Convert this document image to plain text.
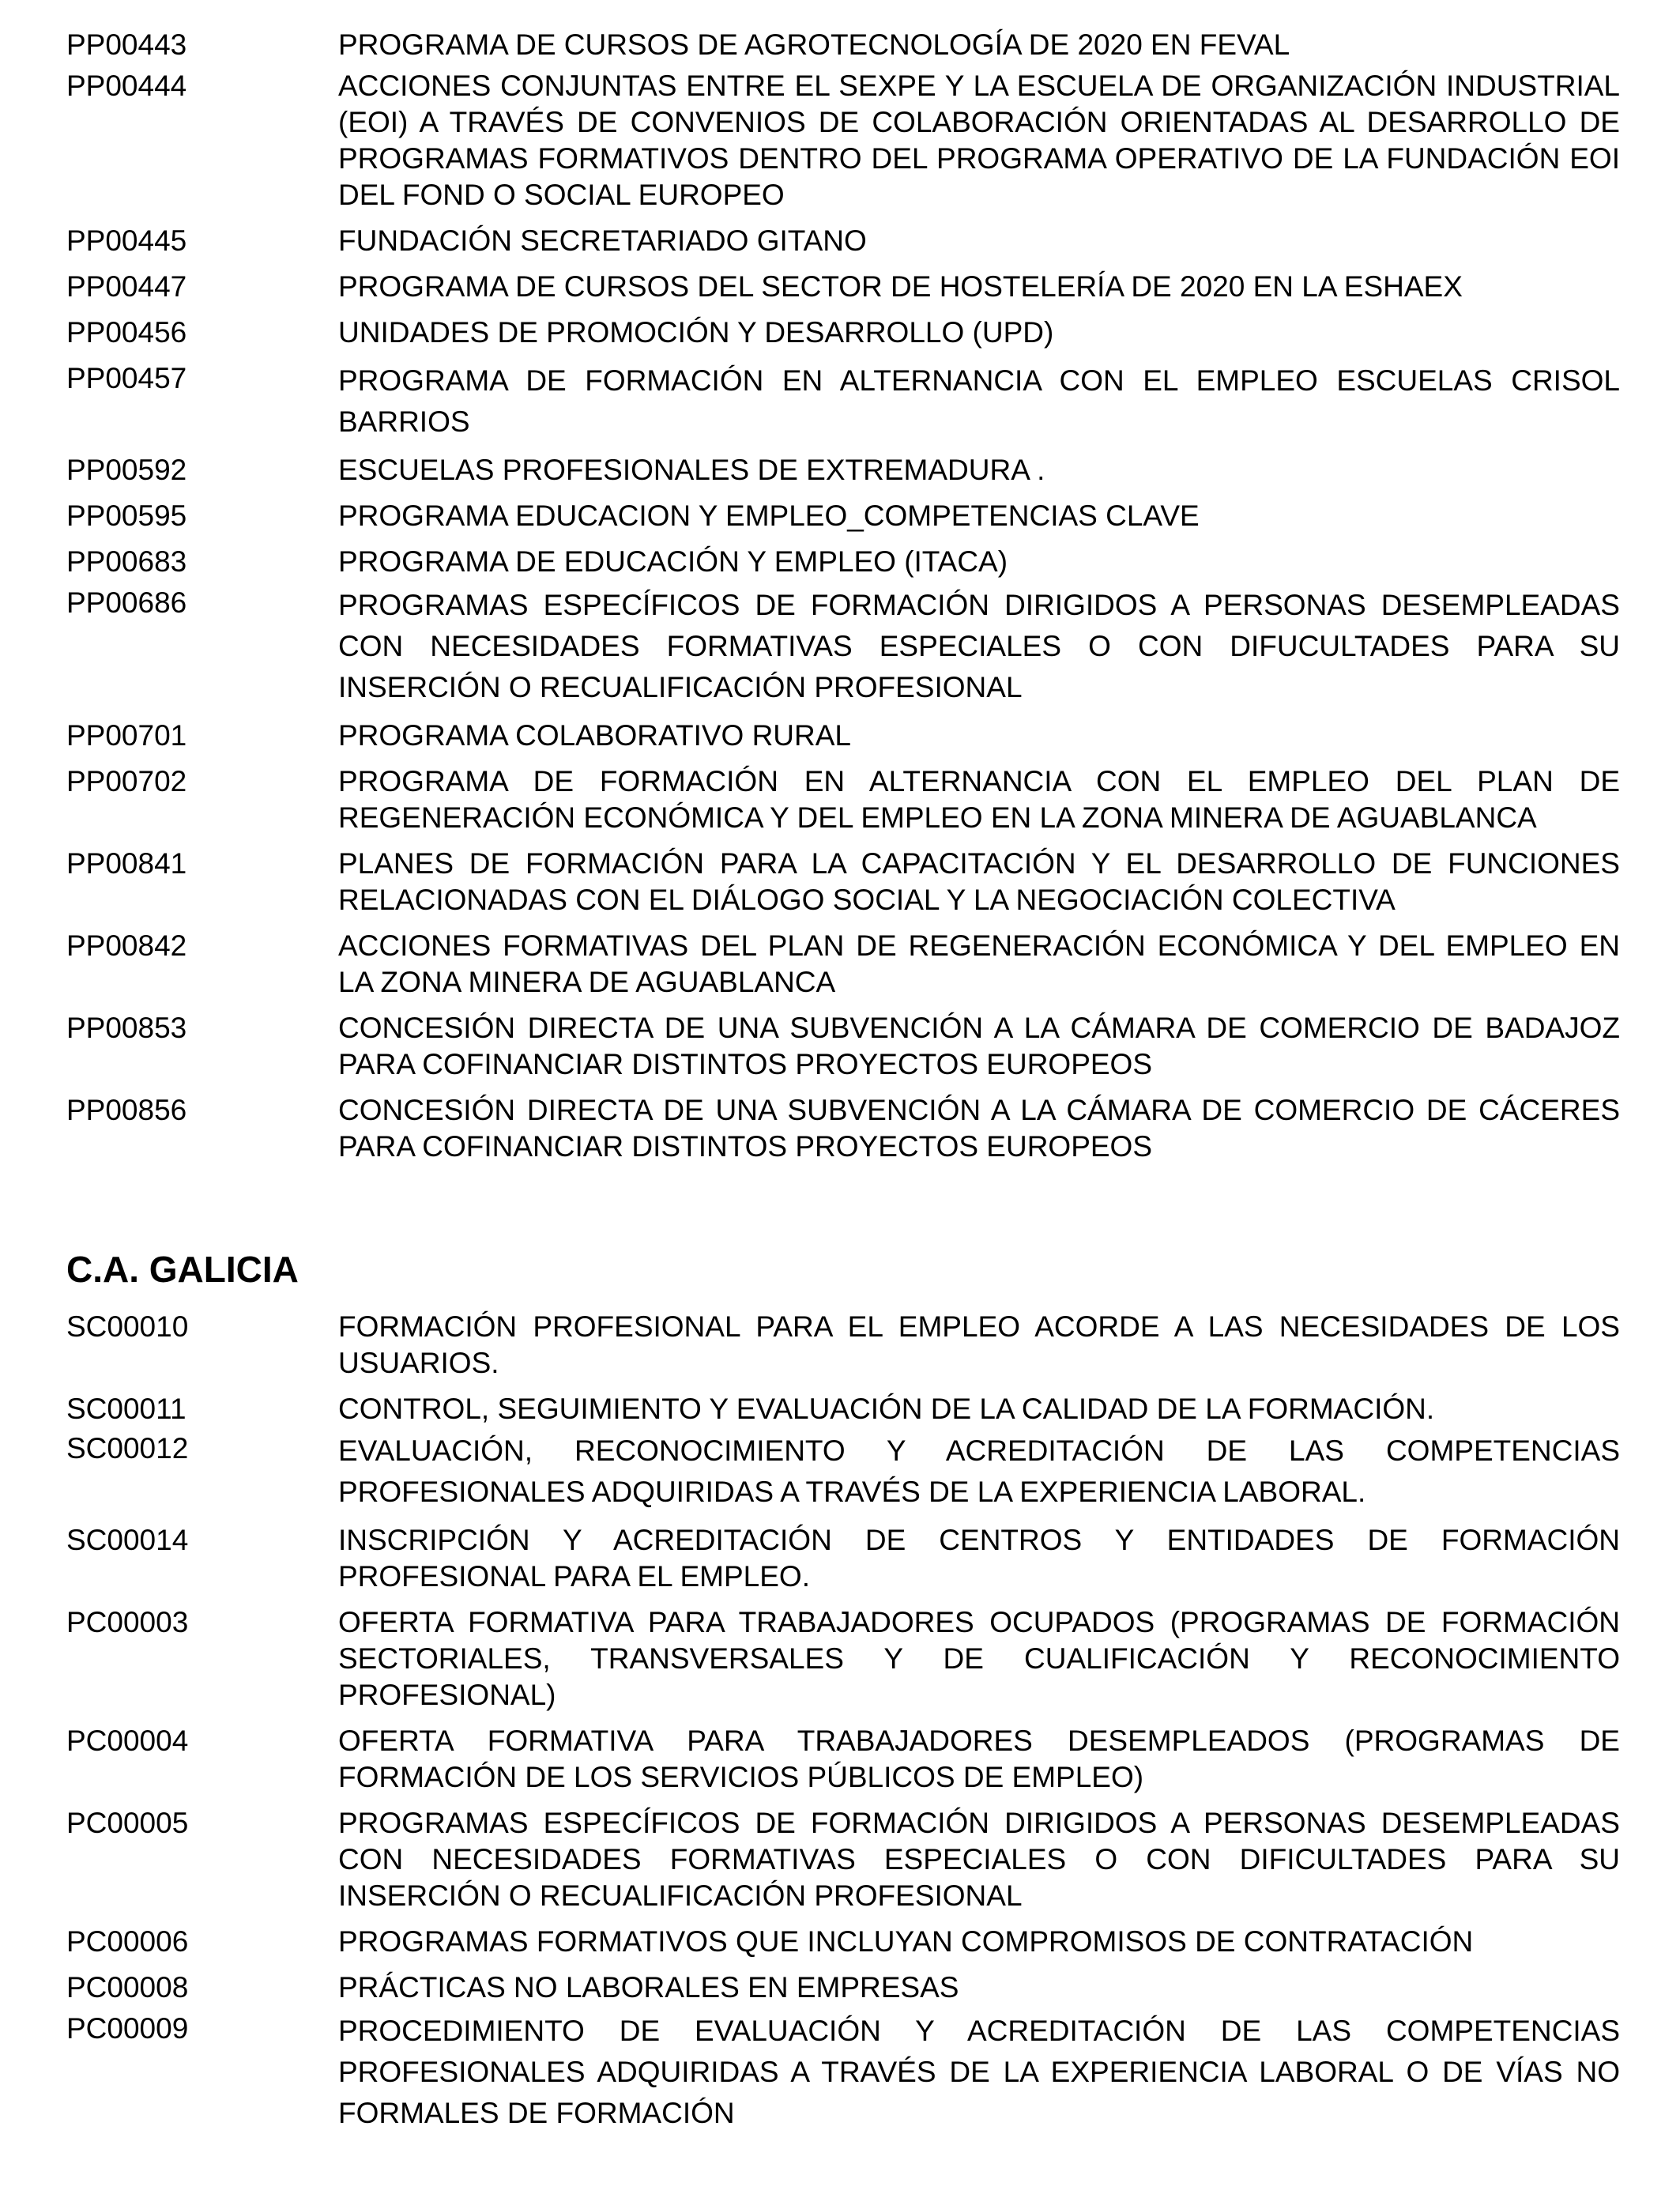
PP00443	PROGRAMA DE CURSOS DE AGROTECNOLOGÍA DE 2020 EN FEVAL
PP00444	ACCIONES CONJUNTAS ENTRE EL SEXPE Y LA ESCUELA DE ORGANIZACIÓN INDUSTRIAL (EOI) A TRAVÉS DE CONVENIOS DE COLABORACIÓN ORIENTADAS AL DESARROLLO DE PROGRAMAS FORMATIVOS DENTRO DEL PROGRAMA OPERATIVO DE LA FUNDACIÓN EOI DEL FOND O SOCIAL EUROPEO
PP00445	FUNDACIÓN SECRETARIADO GITANO
PP00447	PROGRAMA DE CURSOS DEL SECTOR DE HOSTELERÍA DE 2020 EN LA ESHAEX
PP00456	UNIDADES DE PROMOCIÓN Y DESARROLLO (UPD)
PP00457	PROGRAMA DE FORMACIÓN EN ALTERNANCIA CON EL EMPLEO ESCUELAS CRISOL BARRIOS
PP00592	ESCUELAS PROFESIONALES DE EXTREMADURA .
PP00595	PROGRAMA EDUCACION Y EMPLEO_COMPETENCIAS CLAVE
PP00683	PROGRAMA DE EDUCACIÓN Y EMPLEO (ITACA)
PP00686	PROGRAMAS ESPECÍFICOS DE FORMACIÓN DIRIGIDOS A PERSONAS DESEMPLEADAS CON NECESIDADES FORMATIVAS ESPECIALES O CON DIFUCULTADES PARA SU INSERCIÓN O RECUALIFICACIÓN PROFESIONAL
PP00701	PROGRAMA COLABORATIVO RURAL
PP00702	PROGRAMA DE FORMACIÓN EN ALTERNANCIA CON EL EMPLEO DEL PLAN DE REGENERACIÓN ECONÓMICA Y DEL EMPLEO EN LA ZONA MINERA DE AGUABLANCA
PP00841	PLANES DE FORMACIÓN PARA LA CAPACITACIÓN Y EL DESARROLLO DE FUNCIONES RELACIONADAS CON EL DIÁLOGO SOCIAL Y LA NEGOCIACIÓN COLECTIVA
PP00842	ACCIONES FORMATIVAS DEL PLAN DE REGENERACIÓN ECONÓMICA Y DEL EMPLEO EN LA ZONA MINERA DE AGUABLANCA
PP00853	CONCESIÓN DIRECTA DE UNA SUBVENCIÓN A LA CÁMARA DE COMERCIO DE BADAJOZ PARA COFINANCIAR DISTINTOS PROYECTOS EUROPEOS
PP00856	CONCESIÓN DIRECTA DE UNA SUBVENCIÓN A LA CÁMARA DE COMERCIO DE CÁCERES PARA COFINANCIAR DISTINTOS PROYECTOS EUROPEOS
C.A. GALICIA
SC00010	FORMACIÓN PROFESIONAL PARA EL EMPLEO ACORDE A LAS NECESIDADES DE LOS USUARIOS.
SC00011	CONTROL, SEGUIMIENTO Y EVALUACIÓN DE LA CALIDAD DE LA FORMACIÓN.
SC00012	EVALUACIÓN, RECONOCIMIENTO Y ACREDITACIÓN DE LAS COMPETENCIAS PROFESIONALES ADQUIRIDAS A TRAVÉS DE LA EXPERIENCIA LABORAL.
SC00014	INSCRIPCIÓN Y ACREDITACIÓN DE CENTROS Y ENTIDADES DE FORMACIÓN PROFESIONAL PARA EL EMPLEO.
PC00003	OFERTA FORMATIVA PARA TRABAJADORES OCUPADOS (PROGRAMAS DE FORMACIÓN SECTORIALES, TRANSVERSALES Y DE CUALIFICACIÓN Y RECONOCIMIENTO PROFESIONAL)
PC00004	OFERTA FORMATIVA PARA TRABAJADORES DESEMPLEADOS (PROGRAMAS DE FORMACIÓN DE LOS SERVICIOS PÚBLICOS DE EMPLEO)
PC00005	PROGRAMAS ESPECÍFICOS DE FORMACIÓN DIRIGIDOS A PERSONAS DESEMPLEADAS CON NECESIDADES FORMATIVAS ESPECIALES O CON DIFICULTADES PARA SU INSERCIÓN O RECUALIFICACIÓN PROFESIONAL
PC00006	PROGRAMAS FORMATIVOS QUE INCLUYAN COMPROMISOS DE CONTRATACIÓN
PC00008	PRÁCTICAS NO LABORALES EN EMPRESAS
PC00009	PROCEDIMIENTO DE EVALUACIÓN Y ACREDITACIÓN DE LAS COMPETENCIAS PROFESIONALES ADQUIRIDAS A TRAVÉS DE LA EXPERIENCIA LABORAL O DE VÍAS NO FORMALES DE FORMACIÓN
